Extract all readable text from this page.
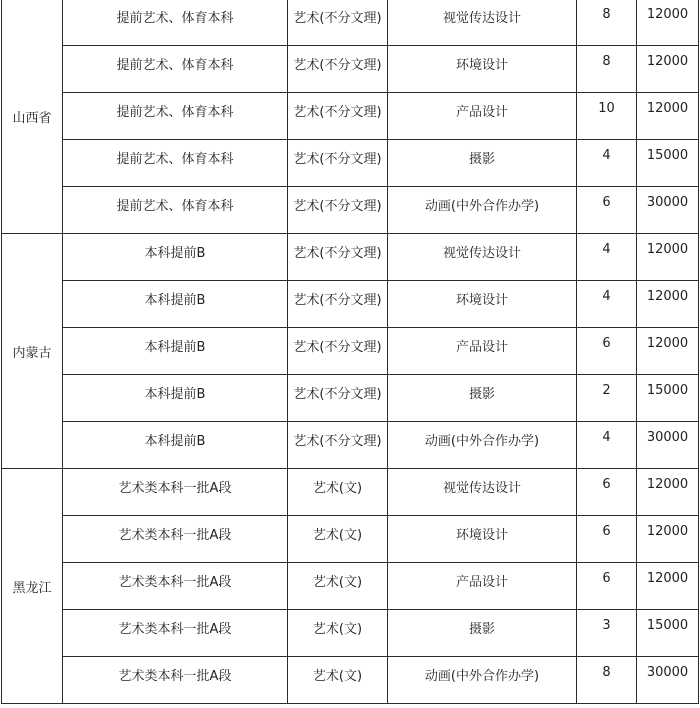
山西省	提前艺术、体育本科	艺术(不分文理)	视觉传达设计	8	12000

	提前艺术、体育本科	艺术(不分文理)	环境设计	8	12000

	提前艺术、体育本科	艺术(不分文理)	产品设计	10	12000

	提前艺术、体育本科	艺术(不分文理)	摄影	4	15000

	提前艺术、体育本科	艺术(不分文理)	动画(中外合作办学)	6	30000

内蒙古	本科提前B	艺术(不分文理)	视觉传达设计	4	12000

	本科提前B	艺术(不分文理)	环境设计	4	12000

	本科提前B	艺术(不分文理)	产品设计	6	12000

	本科提前B	艺术(不分文理)	摄影	2	15000

	本科提前B	艺术(不分文理)	动画(中外合作办学)	4	30000

黑龙江	艺术类本科一批A段	艺术(文)	视觉传达设计	6	12000

	艺术类本科一批A段	艺术(文)	环境设计	6	12000

	艺术类本科一批A段	艺术(文)	产品设计	6	12000

	艺术类本科一批A段	艺术(文)	摄影	3	15000

	艺术类本科一批A段	艺术(文)	动画(中外合作办学)	8	30000
